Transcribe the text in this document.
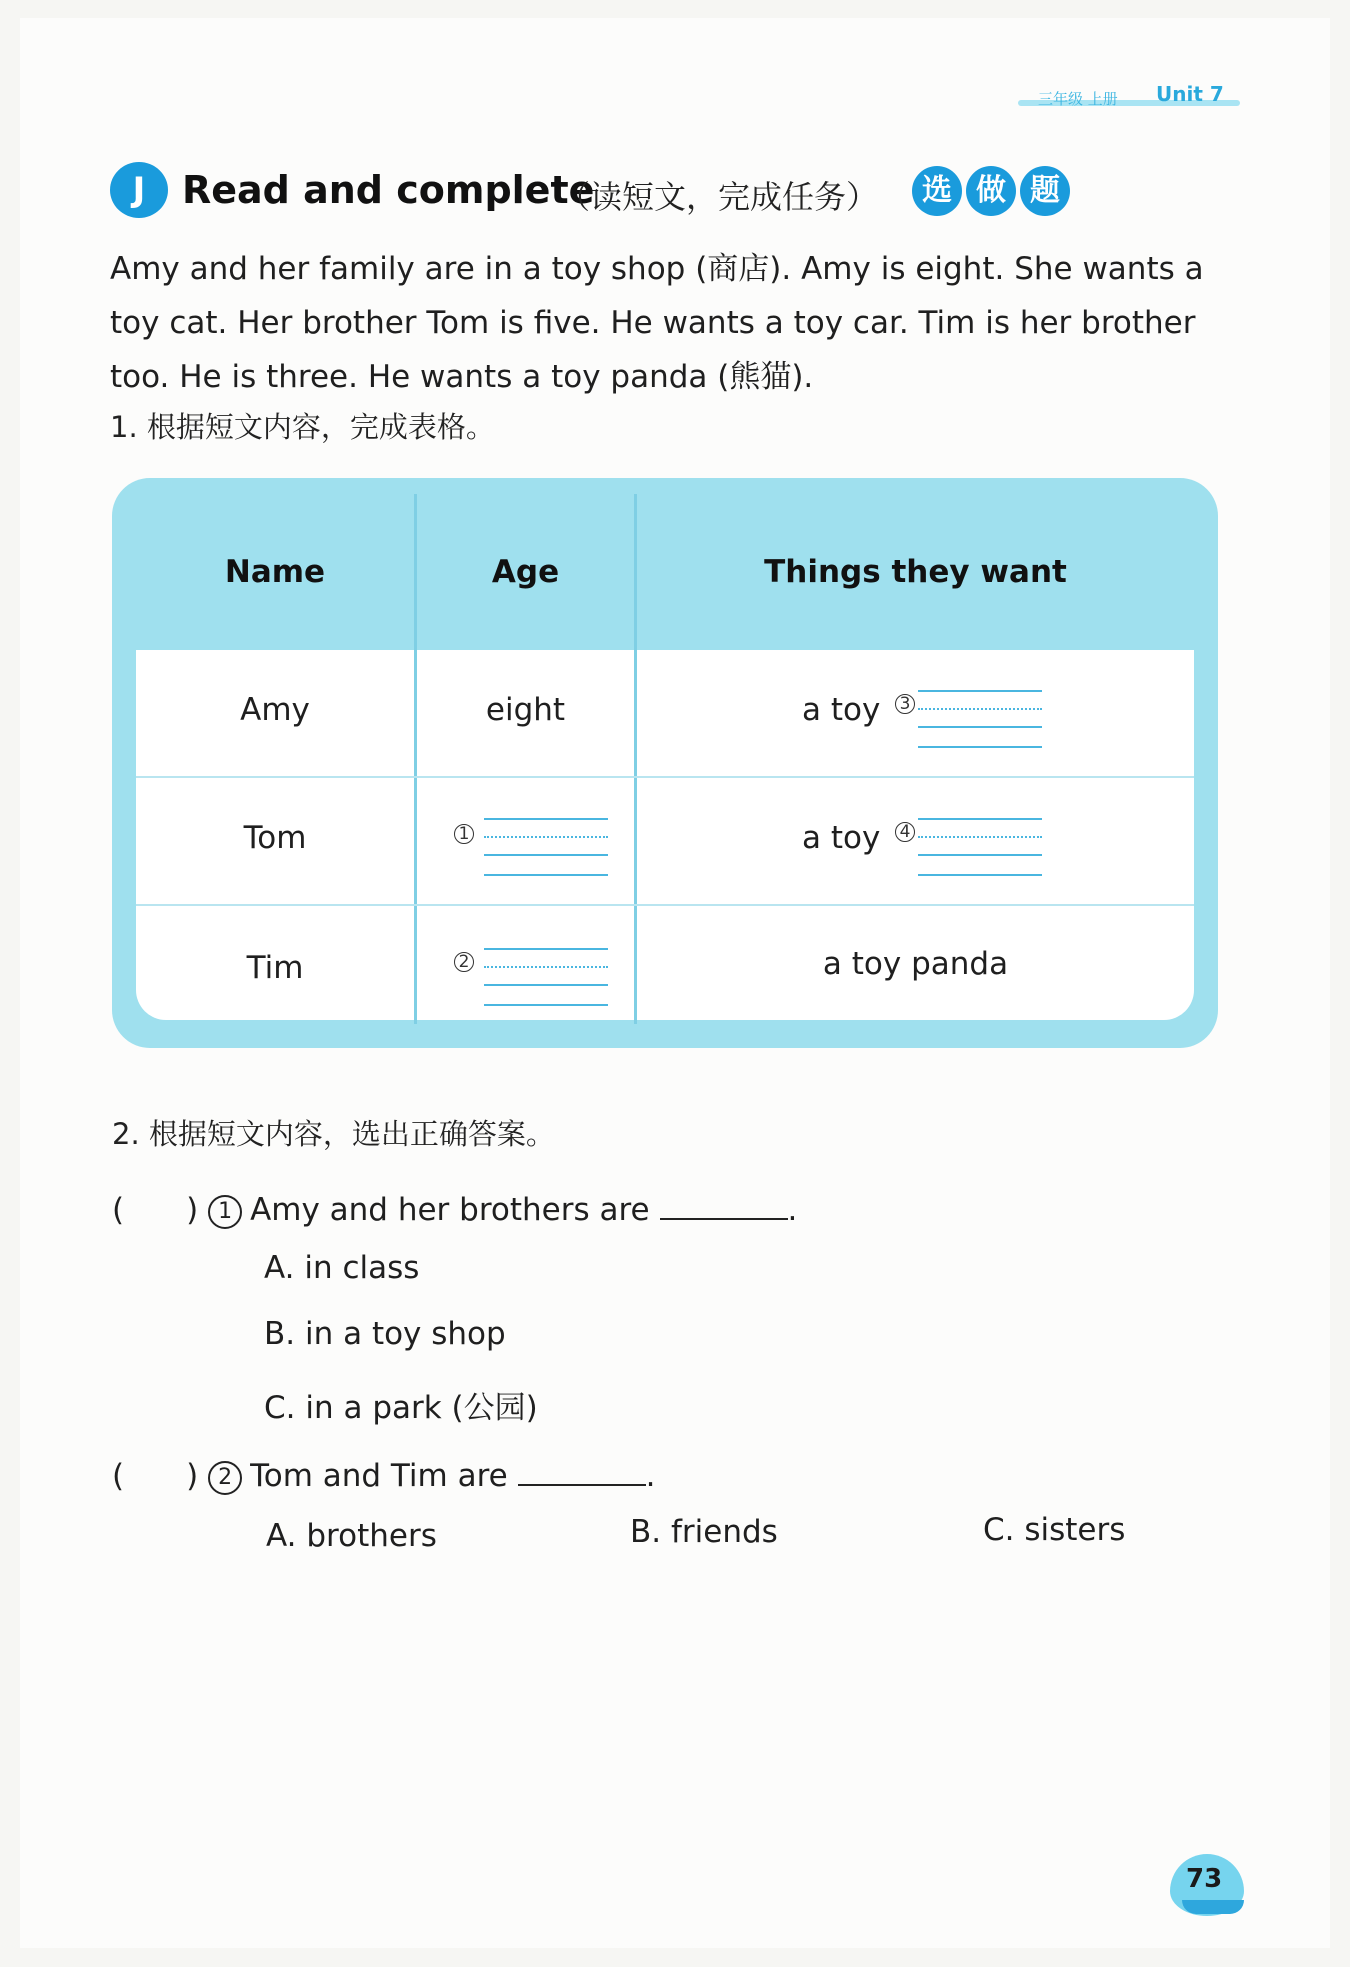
三年级 上册 Unit 7
J Read and complete
（读短文，完成任务）	选 做 题
Amy and her family are in a toy shop (商店). Amy is eight. She wants a
toy cat. Her brother Tom is five. He wants a toy car. Tim is her brother
too. He is three. He wants a toy panda (熊猫).
1. 根据短文内容，完成表格。
Name	Age	Things they want
Amy	eight	a toy 3
Tom	1	a toy 4
Tim	2	a toy panda
2. 根据短文内容，选出正确答案。
(　　) 1 Amy and her brothers are	.
A. in class
B. in a toy shop
C. in a park (公园)
(　　) 2 Tom and Tim are	.
A. brothers	B. friends	C. sisters
73
